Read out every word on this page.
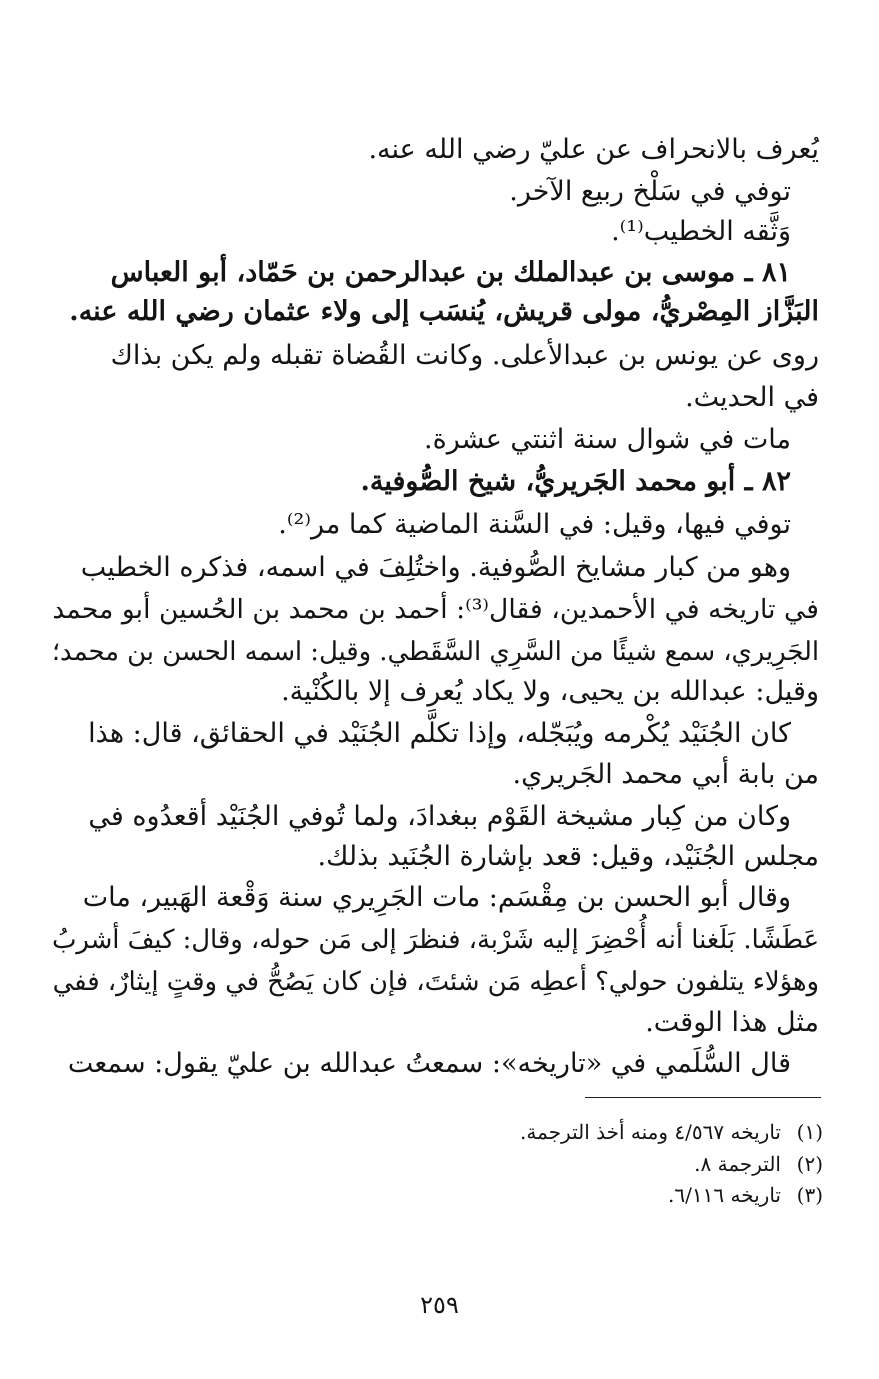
يُعرف بالانحراف عن عليّ رضي الله عنه.
توفي في سَلْخ ربيع الآخر.
وَثَّقه الخطيب⁽¹⁾.
٨١ ـ موسى بن عبدالملك بن عبدالرحمن بن حَمّاد، أبو العباس
البَزَّاز المِصْريُّ، مولى قريش، يُنسَب إلى ولاء عثمان رضي الله عنه.
روى عن يونس بن عبدالأعلى. وكانت القُضاة تقبله ولم يكن بذاك
في الحديث.
مات في شوال سنة اثنتي عشرة.
٨٢ ـ أبو محمد الجَريريُّ، شيخ الصُّوفية.
توفي فيها، وقيل: في السَّنة الماضية كما مر⁽²⁾.
وهو من كبار مشايخ الصُّوفية. واختُلِفَ في اسمه، فذكره الخطيب
في تاريخه في الأحمدين، فقال⁽³⁾: أحمد بن محمد بن الحُسين أبو محمد
الجَرِيري، سمع شيئًا من السَّرِي السَّقَطي. وقيل: اسمه الحسن بن محمد؛
وقيل: عبدالله بن يحيى، ولا يكاد يُعرف إلا بالكُنْية.
كان الجُنَيْد يُكْرمه ويُبَجّله، وإذا تكلَّم الجُنَيْد في الحقائق، قال: هذا
من بابة أبي محمد الجَريري.
وكان من كِبار مشيخة القَوْم ببغدادَ، ولما تُوفي الجُنَيْد أقعدُوه في
مجلس الجُنَيْد، وقيل: قعد بإشارة الجُنَيد بذلك.
وقال أبو الحسن بن مِقْسَم: مات الجَرِيري سنة وَقْعة الهَبير، مات
عَطَشًا. بَلَغنا أنه أُحْضِرَ إليه شَرْبة، فنظرَ إلى مَن حوله، وقال: كيفَ أشربُ
وهؤلاء يتلفون حولي؟ أعطِه مَن شئتَ، فإن كان يَصُحُّ في وقتٍ إيثارٌ، ففي
مثل هذا الوقت.
قال السُّلَمي في «تاريخه»: سمعتُ عبدالله بن عليّ يقول: سمعت
(١)تاريخه ٤/٥٦٧ ومنه أخذ الترجمة.
(٢)الترجمة ٨.
(٣)تاريخه ٦/١١٦.
٢٥٩
